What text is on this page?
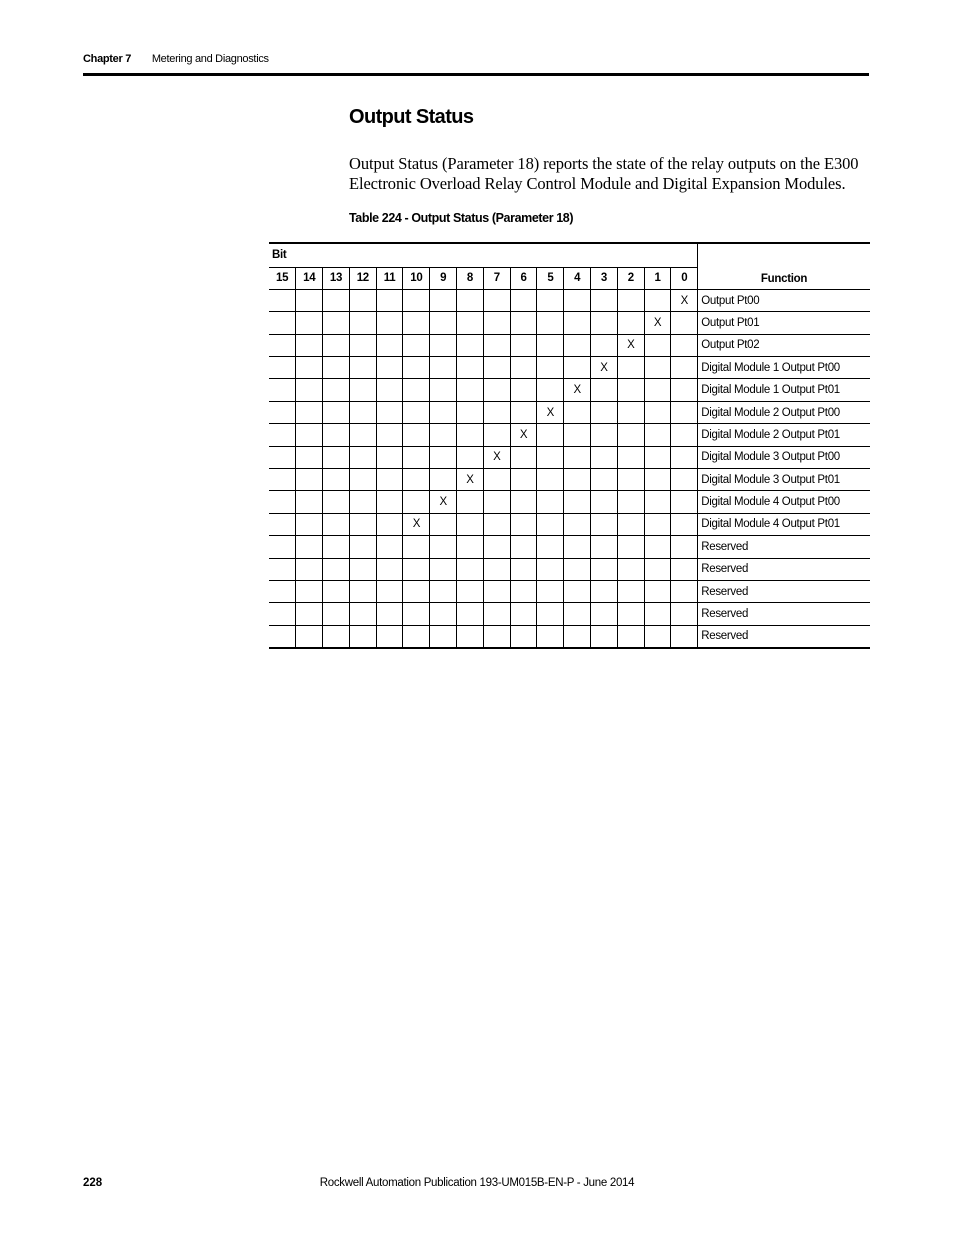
Chapter 7 Metering and Diagnostics
Output Status

Output Status (Parameter 18) reports the state of the relay outputs on the E300 Electronic Overload Relay Control Module and Digital Expansion Modules.

Table 224 - Output Status (Parameter 18)
Bit																Function
15	14	13	12	11	10	9	8	7	6	5	4	3	2	1	0	
															X	Output Pt00
														X		Output Pt01
													X			Output Pt02
												X				Digital Module 1 Output Pt00
											X					Digital Module 1 Output Pt01
										X						Digital Module 2 Output Pt00
									X							Digital Module 2 Output Pt01
								X								Digital Module 3 Output Pt00
							X									Digital Module 3 Output Pt01
						X										Digital Module 4 Output Pt00
					X											Digital Module 4 Output Pt01
																Reserved
																Reserved
																Reserved
																Reserved
																Reserved
228	Rockwell Automation Publication 193-UM015B-EN-P - June 2014
